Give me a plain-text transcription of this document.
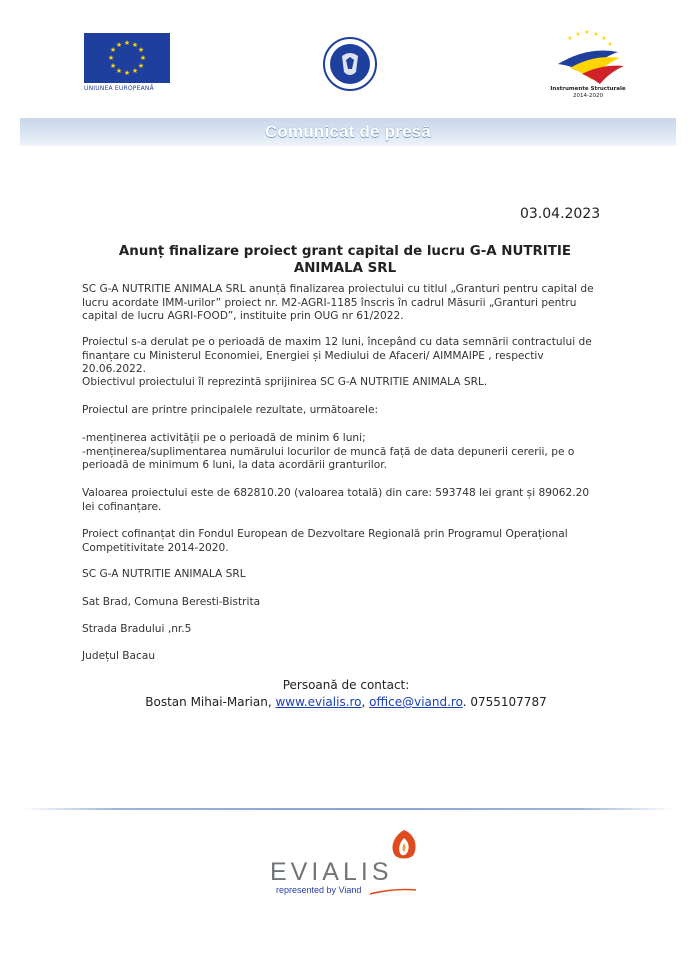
★ ★
★
★
★
★
★
★
★
★
★
★
UNIUNEA EUROPEANĂ
★
★ ★ ★
★
★
Instrumente Structurale
2014-2020
Comunicat de presă
03.04.2023
Anunț finalizare proiect grant capital de lucru G-A NUTRITIE
ANIMALA SRL
SC G-A NUTRITIE ANIMALA SRL anunță finalizarea proiectului cu titlul „Granturi pentru capital de lucru acordate IMM-urilor” proiect nr. M2-AGRI-1185 înscris în cadrul Măsurii „Granturi pentru capital de lucru AGRI-FOOD”, instituite prin OUG nr 61/2022.
Proiectul s-a derulat pe o perioadă de maxim 12 luni, începând cu data semnării contractului de finanțare cu Ministerul Economiei, Energiei și Mediului de Afaceri/ AIMMAIPE , respectiv 20.06.2022.
Obiectivul proiectului îl reprezintă sprijinirea SC G-A NUTRITIE ANIMALA SRL.
Proiectul are printre principalele rezultate, următoarele:
-menținerea activității pe o perioadă de minim 6 luni;
-menținerea/suplimentarea numărului locurilor de muncă față de data depunerii cererii, pe o perioadă de minimum 6 luni, la data acordării granturilor.
Valoarea proiectului este de 682810.20 (valoarea totală) din care: 593748 lei grant și 89062.20 lei cofinanțare.
Proiect cofinanțat din Fondul European de Dezvoltare Regională prin Programul Operațional Competitivitate 2014-2020.
SC G-A NUTRITIE ANIMALA SRL
Sat Brad, Comuna Beresti-Bistrita
Strada Bradului ,nr.5
Județul Bacau
Persoană de contact:
Bostan Mihai-Marian, www.evialis.ro, office@viand.ro. 0755107787
EVIALIS
represented by Viand
